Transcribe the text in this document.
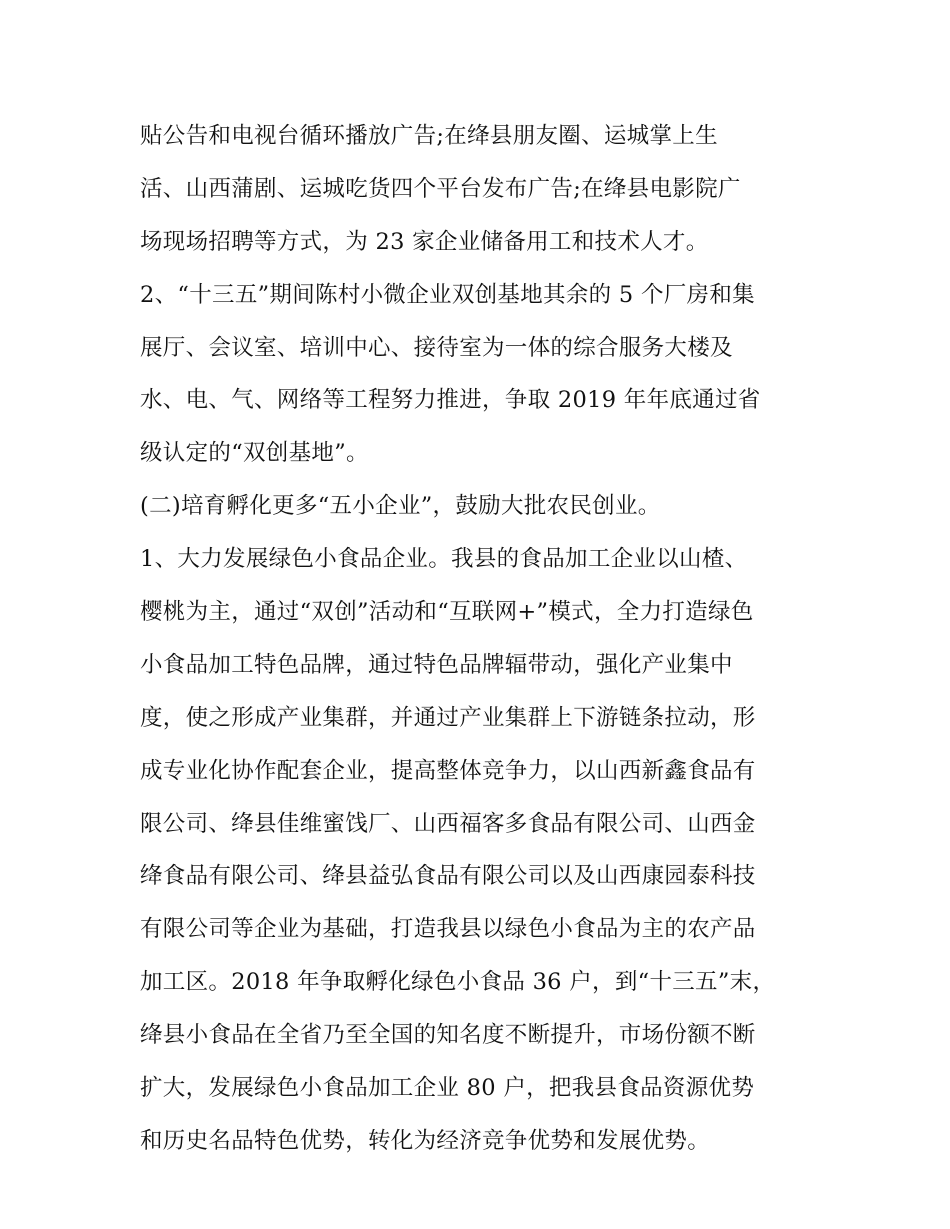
贴公告和电视台循环播放广告;在绛县朋友圈、运城掌上生
活、山西蒲剧、运城吃货四个平台发布广告;在绛县电影院广
场现场招聘等方式，为 23 家企业储备用工和技术人才。
2、“十三五”期间陈村小微企业双创基地其余的 5 个厂房和集
展厅、会议室、培训中心、接待室为一体的综合服务大楼及
水、电、气、网络等工程努力推进，争取 2019 年年底通过省
级认定的“双创基地”。
(二)培育孵化更多“五小企业”，鼓励大批农民创业。
1、大力发展绿色小食品企业。我县的食品加工企业以山楂、
樱桃为主，通过“双创”活动和“互联网+”模式，全力打造绿色
小食品加工特色品牌，通过特色品牌辐带动，强化产业集中
度，使之形成产业集群，并通过产业集群上下游链条拉动，形
成专业化协作配套企业，提高整体竞争力，以山西新鑫食品有
限公司、绛县佳维蜜饯厂、山西福客多食品有限公司、山西金
绛食品有限公司、绛县益弘食品有限公司以及山西康园泰科技
有限公司等企业为基础，打造我县以绿色小食品为主的农产品
加工区。2018 年争取孵化绿色小食品 36 户，到“十三五”末，
绛县小食品在全省乃至全国的知名度不断提升，市场份额不断
扩大，发展绿色小食品加工企业 80 户，把我县食品资源优势
和历史名品特色优势，转化为经济竞争优势和发展优势。
